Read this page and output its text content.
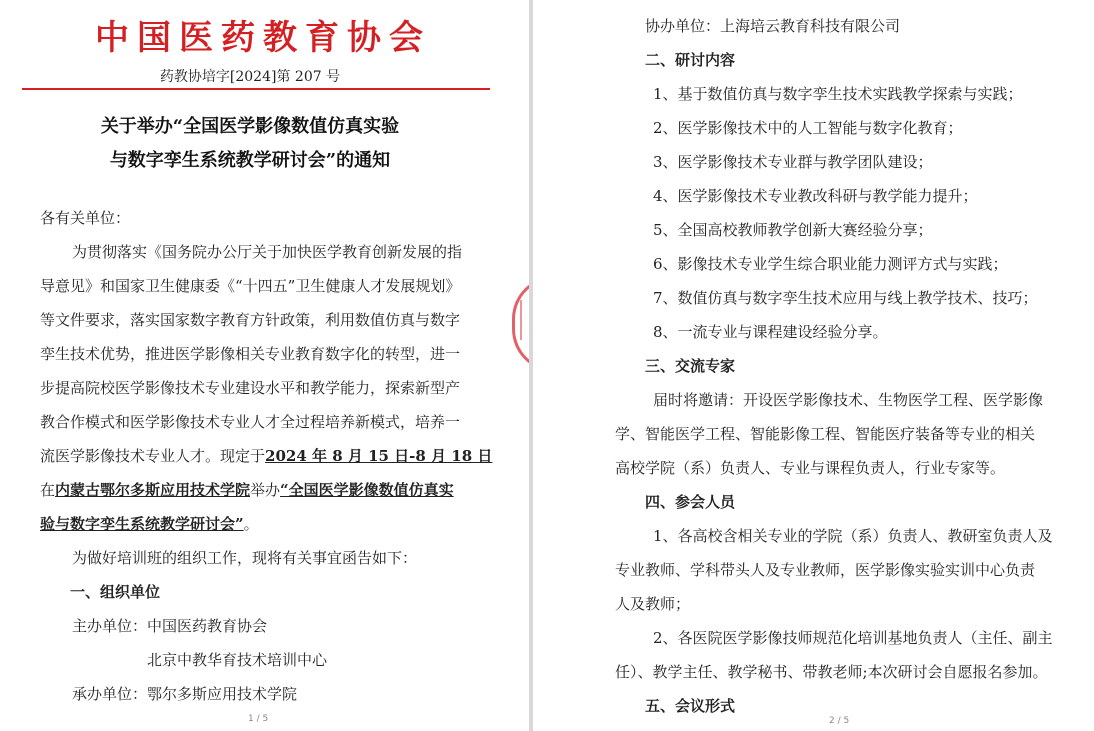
中国医药教育协会
药教协培字[2024]第 207 号
关于举办“全国医学影像数值仿真实验
与数字孪生系统教学研讨会”的通知
各有关单位：
为贯彻落实《国务院办公厅关于加快医学教育创新发展的指
导意见》和国家卫生健康委《“十四五”卫生健康人才发展规划》
等文件要求，落实国家数字教育方针政策，利用数值仿真与数字
孪生技术优势，推进医学影像相关专业教育数字化的转型，进一
步提高院校医学影像技术专业建设水平和教学能力，探索新型产
教合作模式和医学影像技术专业人才全过程培养新模式，培养一
流医学影像技术专业人才。现定于2024 年 8 月 15 日-8 月 18 日
在内蒙古鄂尔多斯应用技术学院举办“全国医学影像数值仿真实
验与数字孪生系统教学研讨会”。
为做好培训班的组织工作，现将有关事宜函告如下：
一、组织单位
主办单位：中国医药教育协会
北京中教华育技术培训中心
承办单位：鄂尔多斯应用技术学院
1 / 5
协办单位：上海培云教育科技有限公司
二、研讨内容
1、基于数值仿真与数字孪生技术实践教学探索与实践；
2、医学影像技术中的人工智能与数字化教育；
3、医学影像技术专业群与教学团队建设；
4、医学影像技术专业教改科研与教学能力提升；
5、全国高校教师教学创新大赛经验分享；
6、影像技术专业学生综合职业能力测评方式与实践；
7、数值仿真与数字孪生技术应用与线上教学技术、技巧；
8、一流专业与课程建设经验分享。
三、交流专家
届时将邀请：开设医学影像技术、生物医学工程、医学影像
学、智能医学工程、智能影像工程、智能医疗装备等专业的相关
高校学院（系）负责人、专业与课程负责人，行业专家等。
四、参会人员
1、各高校含相关专业的学院（系）负责人、教研室负责人及
专业教师、学科带头人及专业教师，医学影像实验实训中心负责
人及教师；
2、各医院医学影像技师规范化培训基地负责人（主任、副主
任）、教学主任、教学秘书、带教老师;本次研讨会自愿报名参加。
五、会议形式
2 / 5
